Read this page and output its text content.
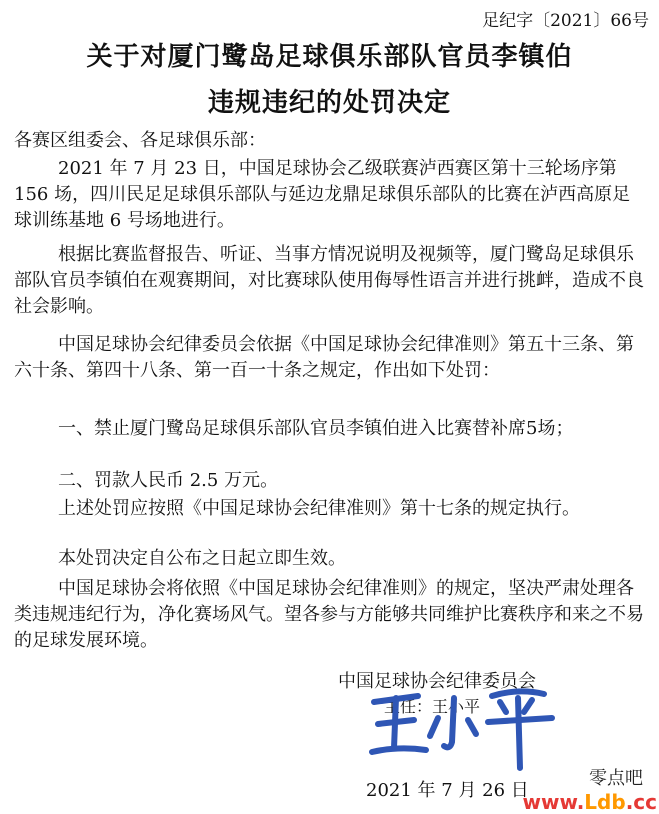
足纪字〔2021〕66号
关于对厦门鹭岛足球俱乐部队官员李镇伯
违规违纪的处罚决定
各赛区组委会、各足球俱乐部：
2021 年 7 月 23 日，中国足球协会乙级联赛泸西赛区第十三轮场序第 156 场，四川民足足球俱乐部队与延边龙鼎足球俱乐部队的比赛在泸西高原足球训练基地 6 号场地进行。
根据比赛监督报告、听证、当事方情况说明及视频等，厦门鹭岛足球俱乐部队官员李镇伯在观赛期间，对比赛球队使用侮辱性语言并进行挑衅，造成不良社会影响。
中国足球协会纪律委员会依据《中国足球协会纪律准则》第五十三条、第六十条、第四十八条、第一百一十条之规定，作出如下处罚：
一、禁止厦门鹭岛足球俱乐部队官员李镇伯进入比赛替补席5场；
二、罚款人民币 2.5 万元。
上述处罚应按照《中国足球协会纪律准则》第十七条的规定执行。
本处罚决定自公布之日起立即生效。
中国足球协会将依照《中国足球协会纪律准则》的规定，坚决严肃处理各类违规违纪行为，净化赛场风气。望各参与方能够共同维护比赛秩序和来之不易的足球发展环境。
中国足球协会纪律委员会
主任：王小平
2021 年 7 月 26 日
零点吧
www.Ldb.cc
